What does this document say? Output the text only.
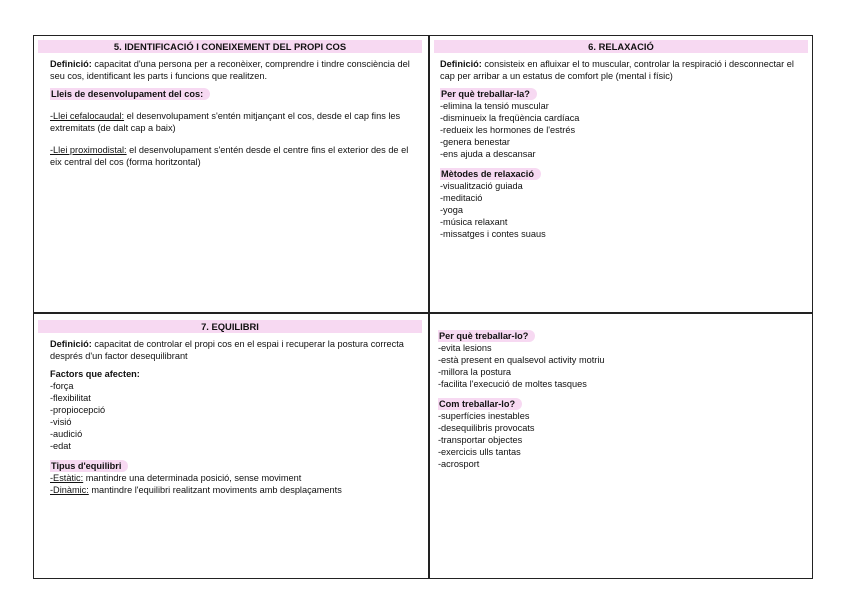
5. IDENTIFICACIÓ I CONEIXEMENT DEL PROPI COS

Definició: capacitat d'una persona per a reconèixer, comprendre i tindre consciència del seu cos, identificant les parts i funcions que realitzen.

Lleis de desenvolupament del cos:

-Llei cefalocaudal: el desenvolupament s'entén mitjançant el cos, desde el cap fins les extremitats (de dalt cap a baix)

-Llei proximodistal: el desenvolupament s'entén desde el centre fins el exterior des de el eix central del cos (forma horitzontal)

6. RELAXACIÓ

Definició: consisteix en afluixar el to muscular, controlar la respiració i desconnectar el cap per arribar a un estatus de comfort ple (mental i físic)

Per què treballar-la?
-elimina la tensió muscular
-disminueix la freqüència cardíaca
-redueix les hormones de l'estrés
-genera benestar
-ens ajuda a descansar
Mètodes de relaxació
-visualització guiada
-meditació
-yoga
-música relaxant
-missatges i contes suaus
7. EQUILIBRI

Definició: capacitat de controlar el propi cos en el espai i recuperar la postura correcta després d'un factor desequilibrant

Factors que afecten:
-força
-flexibilitat
-propiocepció
-visió
-audició
-edat
Tipus d'equilibri
-Estàtic: mantindre una determinada posició, sense moviment
-Dinàmic: mantindre l'equilibri realitzant moviments amb desplaçaments
Per què treballar-lo?
-evita lesions
-està present en qualsevol activity motriu
-millora la postura
-facilita l'execució de moltes tasques
Com treballar-lo?
-superfícies inestables
-desequilibris provocats
-transportar objectes
-exercicis ulls tantas
-acrosport
